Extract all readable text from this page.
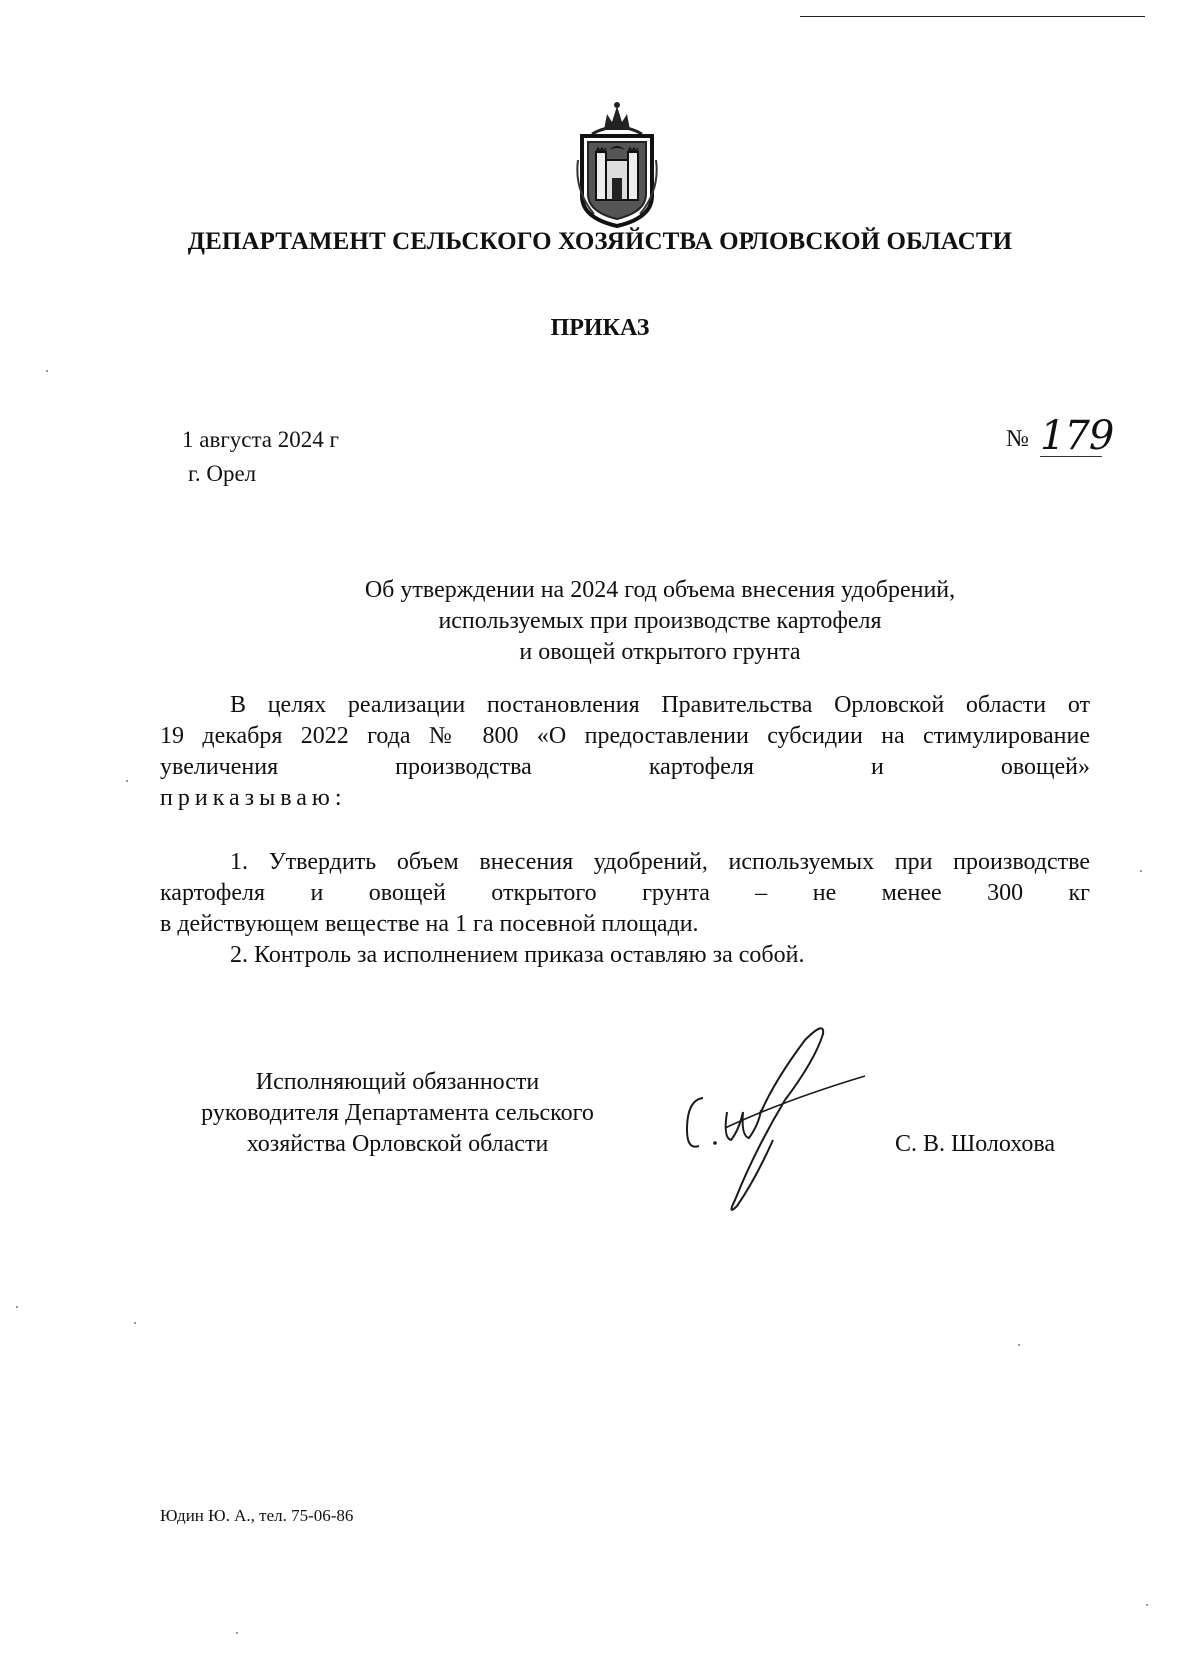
ДЕПАРТАМЕНТ СЕЛЬСКОГО ХОЗЯЙСТВА ОРЛОВСКОЙ ОБЛАСТИ
ПРИКАЗ
1 августа 2024 г
г. Орел
№ 179
Об утверждении на 2024 год объема внесения удобрений,
используемых при производстве картофеля
и овощей открытого грунта
В целях реализации постановления Правительства Орловской области от
19 декабря 2022 года № 800 «О предоставлении субсидии на стимулирование
увеличения производства картофеля и овощей»
приказываю:
1. Утвердить объем внесения удобрений, используемых при производстве
картофеля и овощей открытого грунта – не менее 300 кг
в действующем веществе на 1 га посевной площади.
2. Контроль за исполнением приказа оставляю за собой.
Исполняющий обязанности
руководителя Департамента сельского
хозяйства Орловской области	С. В. Шолохова
Юдин Ю. А., тел. 75-06-86
